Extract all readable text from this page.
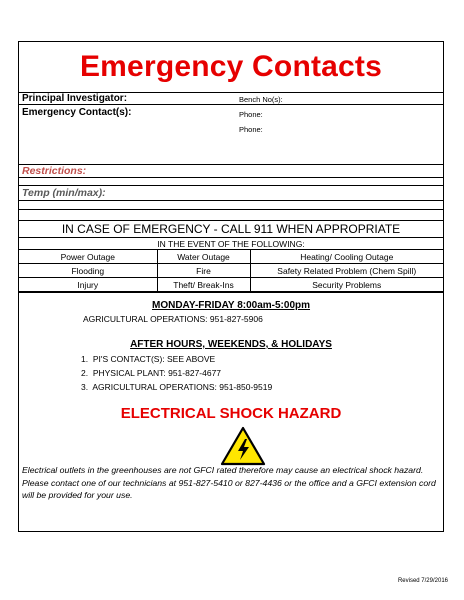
Emergency Contacts
Principal Investigator:	Bench No(s):
Emergency Contact(s):	Phone:
Phone:
Restrictions:
Temp (min/max):
IN CASE OF EMERGENCY - CALL 911 WHEN APPROPRIATE
IN THE EVENT OF THE FOLLOWING:
Power Outage	Water Outage	Heating/ Cooling Outage
Flooding	Fire	Safety Related Problem (Chem Spill)
Injury	Theft/ Break-Ins	Security Problems
MONDAY-FRIDAY 8:00am-5:00pm
AGRICULTURAL OPERATIONS: 951-827-5906
AFTER HOURS, WEEKENDS, & HOLIDAYS
1. PI'S CONTACT(S): SEE ABOVE
2. PHYSICAL PLANT: 951-827-4677
3. AGRICULTURAL OPERATIONS: 951-850-9519
ELECTRICAL SHOCK HAZARD
Electrical outlets in the greenhouses are not GFCI rated therefore may cause an electrical shock hazard. Please contact one of our technicians at 951-827-5410 or 827-4436 or the office and a GFCI extension cord will be provided for your use.
Revised 7/29/2016
